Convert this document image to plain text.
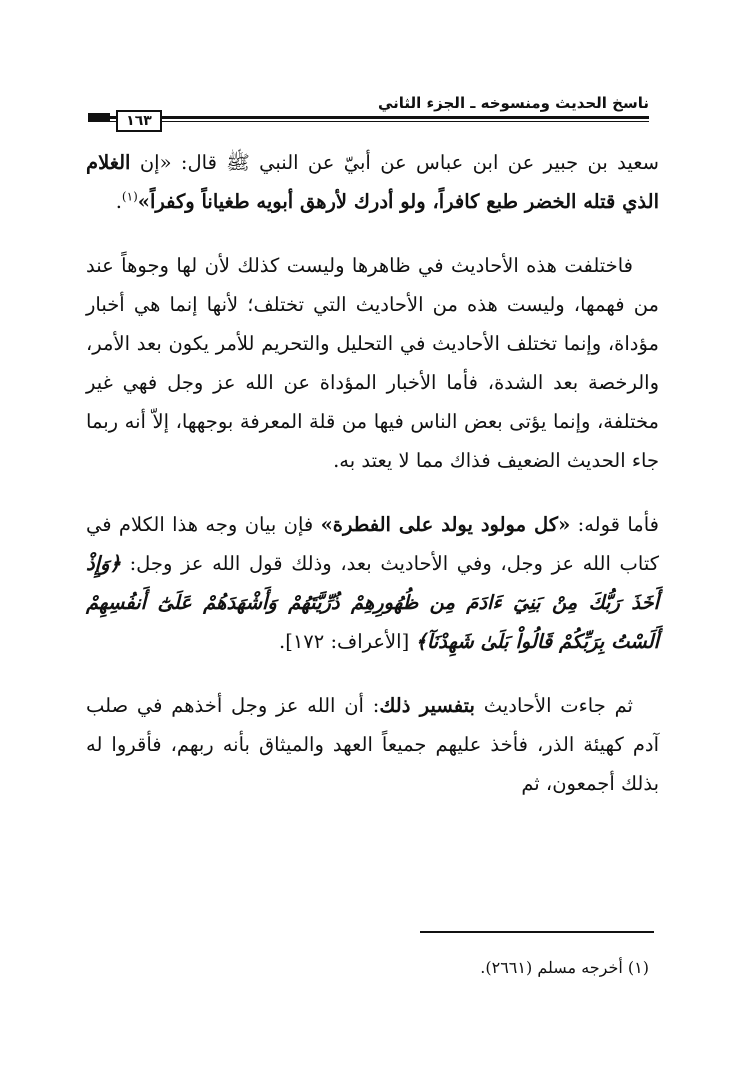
ناسخ الحديث ومنسوخه ـ الجزء الثاني
١٦٣

سعيد بن جبير عن ابن عباس عن أبيّ عن النبي ﷺ قال: «إن الغلام الذي قتله الخضر طبع كافراً، ولو أدرك لأرهق أبويه طغياناً وكفراً»$^{(١)}$.

فاختلفت هذه الأحاديث في ظاهرها وليست كذلك لأن لها وجوهاً عند من فهمها، وليست هذه من الأحاديث التي تختلف؛ لأنها إنما هي أخبار مؤداة، وإنما تختلف الأحاديث في التحليل والتحريم للأمر يكون بعد الأمر، والرخصة بعد الشدة، فأما الأخبار المؤداة عن الله عز وجل فهي غير مختلفة، وإنما يؤتى بعض الناس فيها من قلة المعرفة بوجهها، إلاّ أنه ربما جاء الحديث الضعيف فذاك مما لا يعتد به.

فأما قوله: «كل مولود يولد على الفطرة» فإن بيان وجه هذا الكلام في كتاب الله عز وجل، وفي الأحاديث بعد، وذلك قول الله عز وجل: ﴿وَإِذْ أَخَذَ رَبُّكَ مِنْ بَنِيٓ ءَادَمَ مِن ظُهُورِهِمْ ذُرِّيَّتَهُمْ وَأَشْهَدَهُمْ عَلَىٰٓ أَنفُسِهِمْ أَلَسْتُ بِرَبِّكُمْ قَالُواْ بَلَىٰ شَهِدْنَآ﴾ [الأعراف: ١٧٢].

ثم جاءت الأحاديث بتفسير ذلك: أن الله عز وجل أخذهم في صلب آدم كهيئة الذر، فأخذ عليهم جميعاً العهد والميثاق بأنه ربهم، فأقروا له بذلك أجمعون، ثم

(١) أخرجه مسلم (٢٦٦١).
